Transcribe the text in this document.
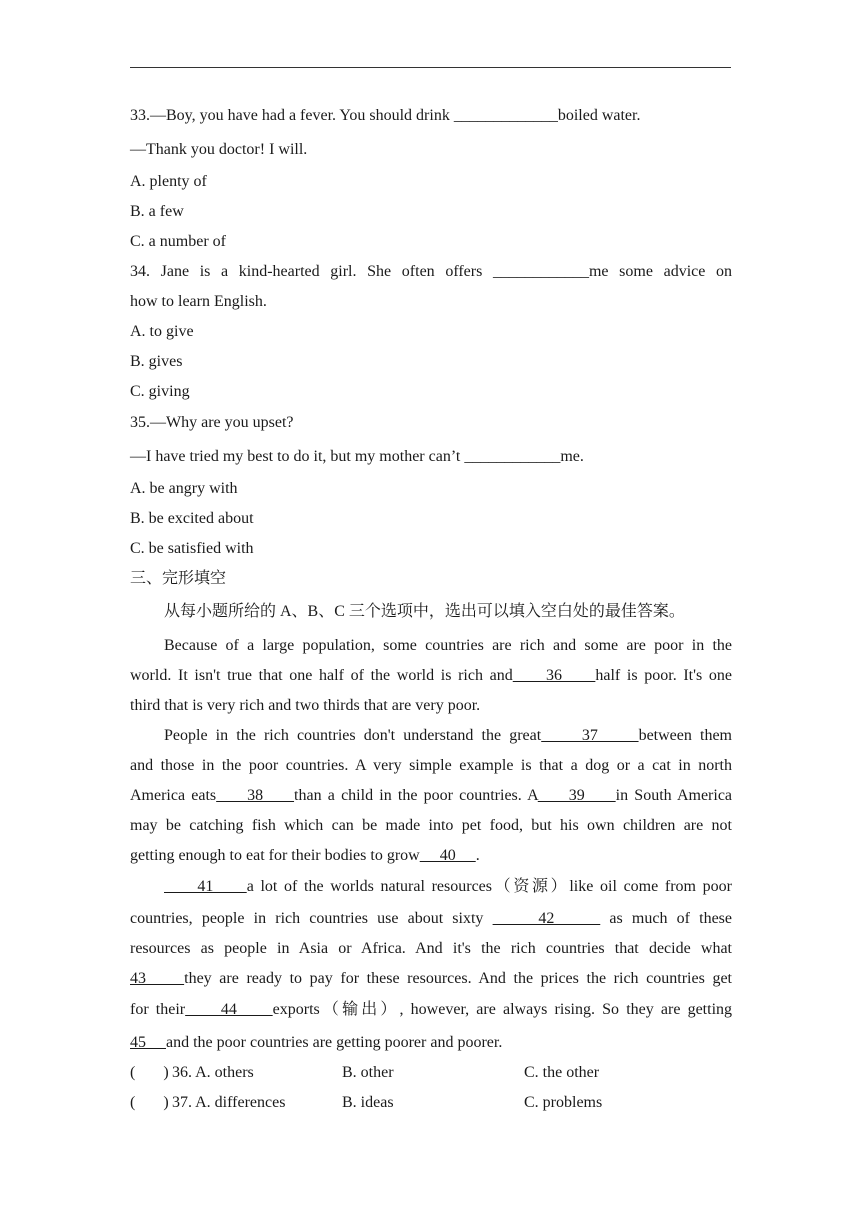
33.—Boy, you have had a fever. You should drink _____________boiled water.
—Thank you doctor! I will.
A. plenty of
B. a few
C. a number of
34. Jane is a kind-hearted girl. She often offers ____________me some advice on
how to learn English.
A. to give
B. gives
C. giving
35.—Why are you upset?
—I have tried my best to do it, but my mother can’t ____________me.
A. be angry with
B. be excited about
C. be satisfied with
三、完形填空
从每小题所给的 A、B、C 三个选项中，选出可以填入空白处的最佳答案。
Because of a large population, some countries are rich and some are poor in the
world. It isn't true that one half of the world is rich and     36     half is poor. It's one
third that is very rich and two thirds that are very poor.
People in the rich countries don't understand the great     37     between them
and those in the poor countries. A very simple example is that a dog or a cat in north
America eats     38     than a child in the poor countries. A     39     in South America
may be catching fish which can be made into pet food, but his own children are not
getting enough to eat for their bodies to grow     40     .
41     a lot of the worlds natural resources（资源）like oil come from poor
countries, people in rich countries use about sixty      42      as much of these
resources as people in Asia or Africa. And it's the rich countries that decide what
43     they are ready to pay for these resources. And the prices the rich countries get
for their     44     exports（输出）, however, are always rising. So they are getting
45     and the poor countries are getting poorer and poorer.
(       ) 36. A. others	B. other	C. the other
(       ) 37. A. differences	B. ideas	C. problems
